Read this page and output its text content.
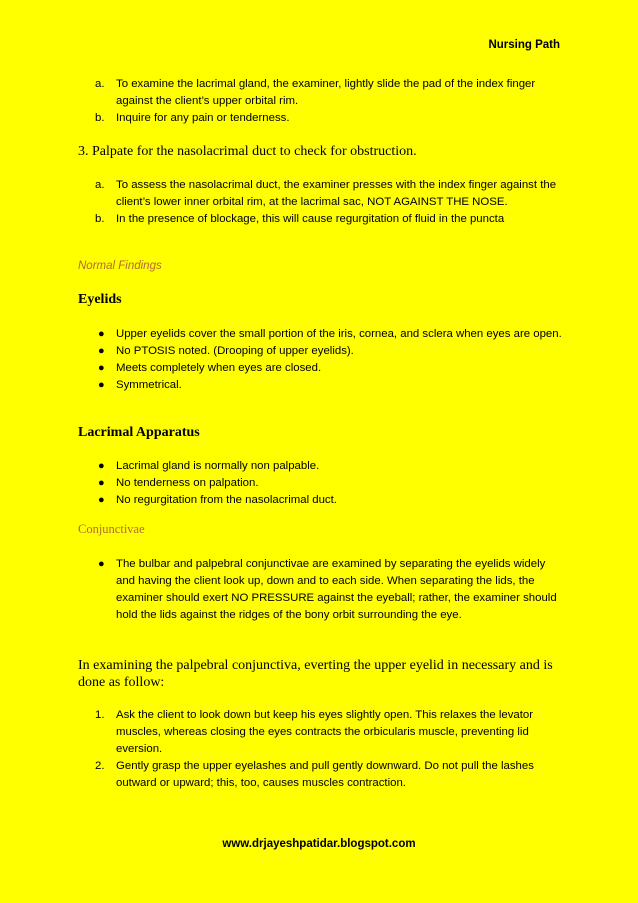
Nursing Path
a. To examine the lacrimal gland, the examiner, lightly slide the pad of the index finger against the client’s upper orbital rim.
b. Inquire for any pain or tenderness.
3. Palpate for the nasolacrimal duct to check for obstruction.
a. To assess the nasolacrimal duct, the examiner presses with the index finger against the client’s lower inner orbital rim, at the lacrimal sac, NOT AGAINST THE NOSE.
b. In the presence of blockage, this will cause regurgitation of fluid in the puncta
Normal Findings
Eyelids
● Upper eyelids cover the small portion of the iris, cornea, and sclera when eyes are open.
● No PTOSIS noted. (Drooping of upper eyelids).
● Meets completely when eyes are closed.
● Symmetrical.
Lacrimal Apparatus
● Lacrimal gland is normally non palpable.
● No tenderness on palpation.
● No regurgitation from the nasolacrimal duct.
Conjunctivae
● The bulbar and palpebral conjunctivae are examined by separating the eyelids widely and having the client look up, down and to each side. When separating the lids, the examiner should exert NO PRESSURE against the eyeball; rather, the examiner should hold the lids against the ridges of the bony orbit surrounding the eye.
In examining the palpebral conjunctiva, everting the upper eyelid in necessary and is done as follow:
1. Ask the client to look down but keep his eyes slightly open. This relaxes the levator muscles, whereas closing the eyes contracts the orbicularis muscle, preventing lid eversion.
2. Gently grasp the upper eyelashes and pull gently downward. Do not pull the lashes outward or upward; this, too, causes muscles contraction.
www.drjayeshpatidar.blogspot.com
